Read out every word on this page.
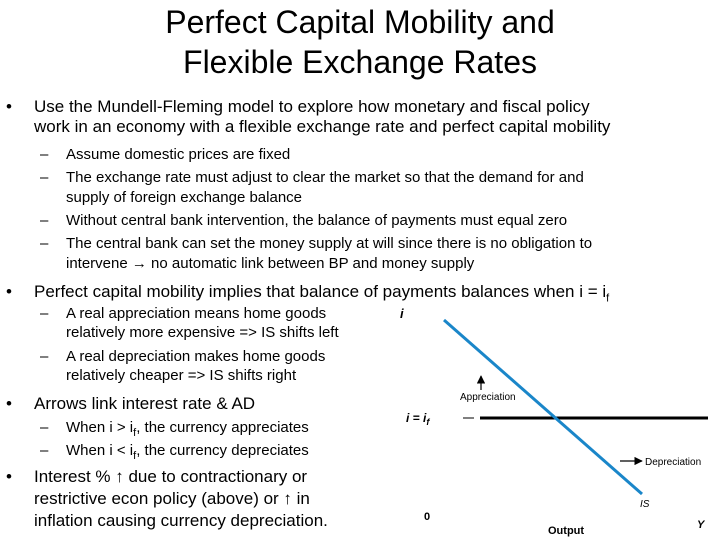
Perfect Capital Mobility and
Flexible Exchange Rates
• Use the Mundell-Fleming model to explore how monetary and fiscal policy
work in an economy with a flexible exchange rate and perfect capital mobility
– Assume domestic prices are fixed
– The exchange rate must adjust to clear the market so that the demand for and
supply of foreign exchange balance
– Without central bank intervention, the balance of payments must equal zero
– The central bank can set the money supply at will since there is no obligation to
intervene → no automatic link between BP and money supply
• Perfect capital mobility implies that balance of payments balances when $i = i_f$
– A real appreciation means home goods
relatively more expensive => IS shifts left
– A real depreciation makes home goods
relatively cheaper => IS shifts right
• Arrows link interest rate & AD
– When $i > i_f$, the currency appreciates
– When $i < i_f$, the currency depreciates
• Interest % ↑ due to contractionary or
restrictive econ policy (above) or ↑ in
inflation causing currency depreciation.
i
$i = i_f$
IS
Appreciation
Depreciation
0
Output	Y
